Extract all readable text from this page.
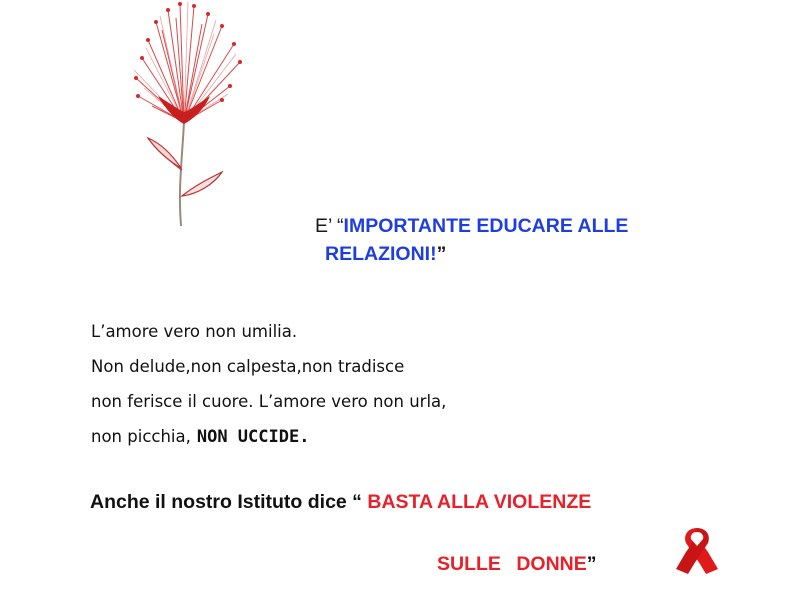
E’ “IMPORTANTE EDUCARE ALLE
RELAZIONI!”
L’amore vero non umilia.
Non delude,non calpesta,non tradisce
non ferisce il cuore. L’amore vero non urla,
non picchia, NON UCCIDE.
Anche il nostro Istituto dice “ BASTA ALLA VIOLENZE
SULLE DONNE”
